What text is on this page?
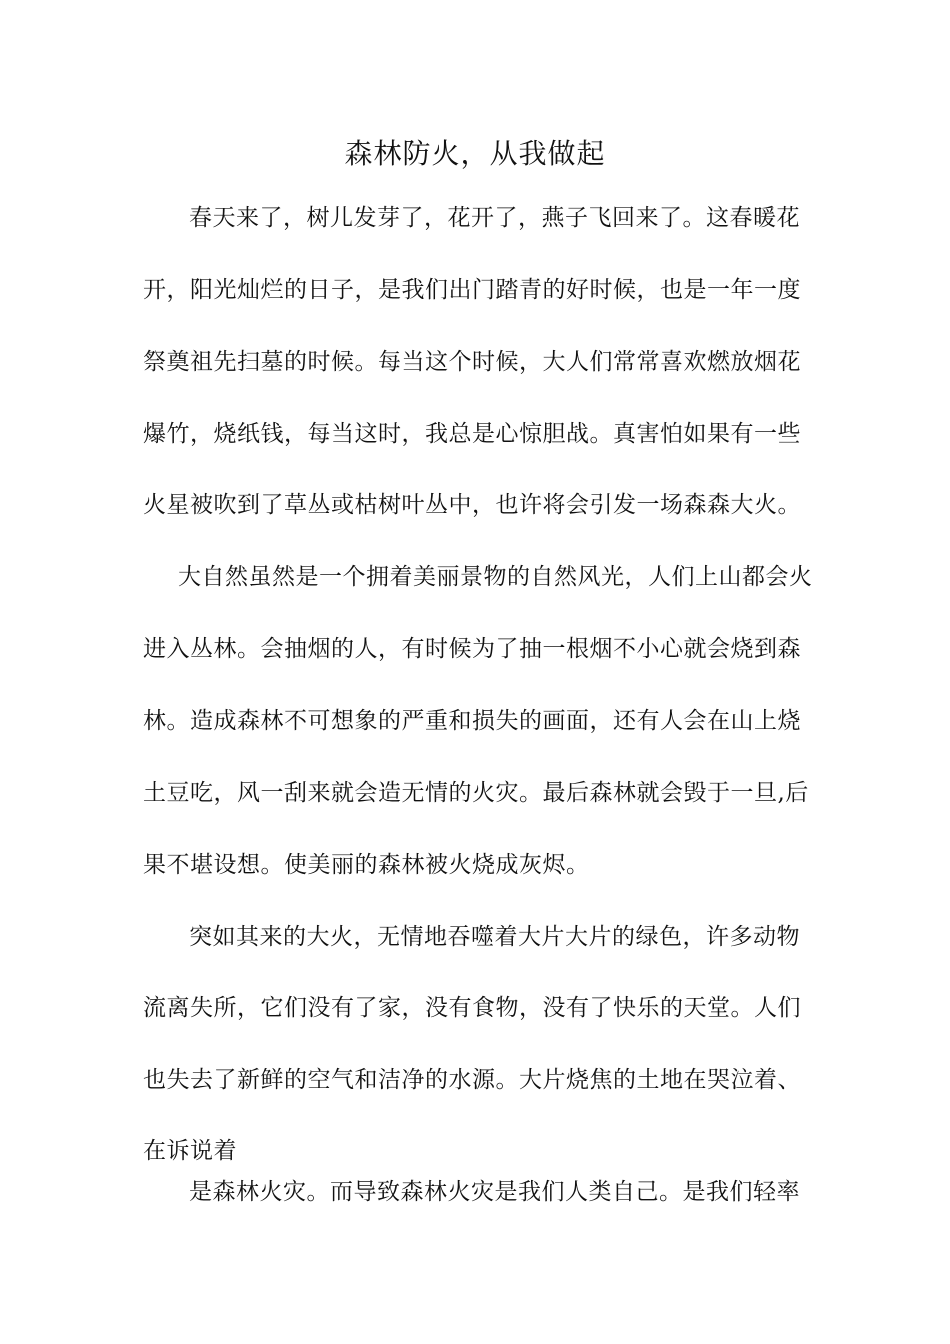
森林防火，从我做起
春天来了，树儿发芽了，花开了，燕子飞回来了。这春暖花
开，阳光灿烂的日子，是我们出门踏青的好时候，也是一年一度
祭奠祖先扫墓的时候。每当这个时候，大人们常常喜欢燃放烟花
爆竹，烧纸钱，每当这时，我总是心惊胆战。真害怕如果有一些
火星被吹到了草丛或枯树叶丛中，也许将会引发一场森森大火。
大自然虽然是一个拥着美丽景物的自然风光，人们上山都会火
进入丛林。会抽烟的人，有时候为了抽一根烟不小心就会烧到森
林。造成森林不可想象的严重和损失的画面，还有人会在山上烧
土豆吃，风一刮来就会造无情的火灾。最后森林就会毁于一旦,后
果不堪设想。使美丽的森林被火烧成灰烬。
突如其来的大火，无情地吞噬着大片大片的绿色，许多动物
流离失所，它们没有了家，没有食物，没有了快乐的天堂。人们
也失去了新鲜的空气和洁净的水源。大片烧焦的土地在哭泣着、
在诉说着
是森林火灾。而导致森林火灾是我们人类自己。是我们轻率
